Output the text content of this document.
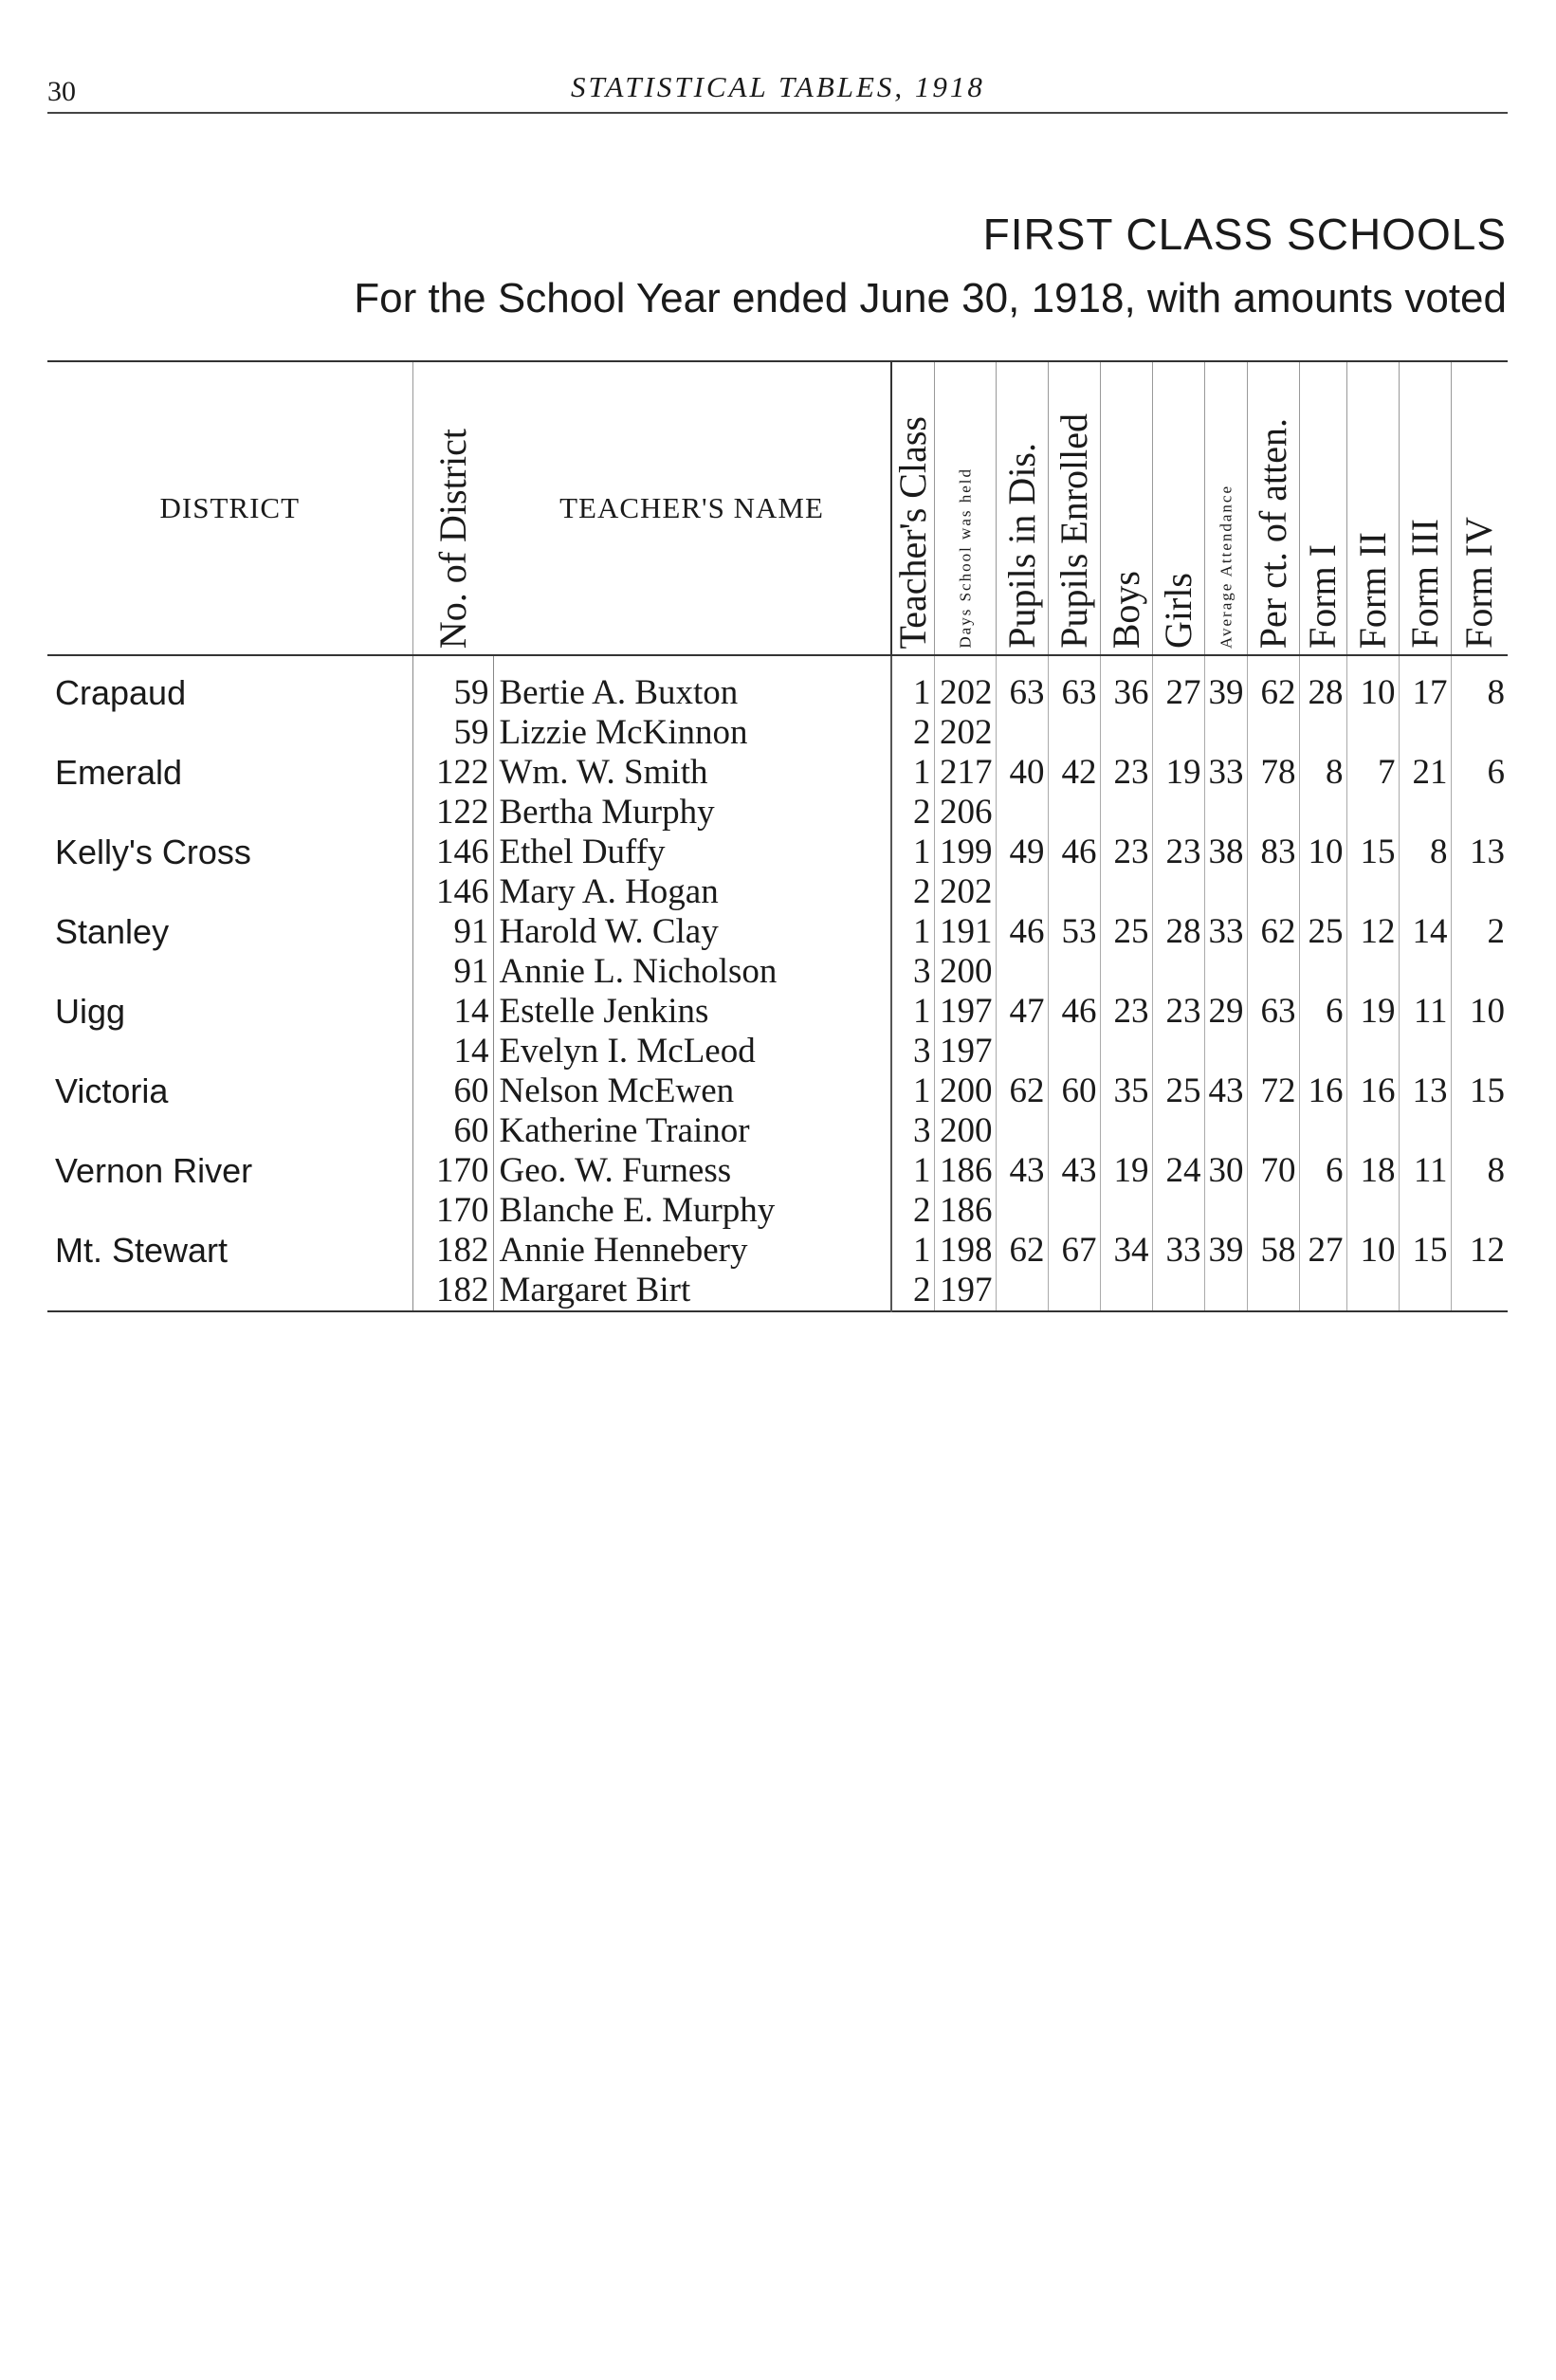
30	STATISTICAL TABLES, 1918
FIRST CLASS SCHOOLS
For the School Year ended June 30, 1918, with amounts voted
DISTRICT	No. of District	TEACHER'S NAME	Teacher's Class	Days School was held	Pupils in Dis.	Pupils Enrolled	Boys	Girls	Average Attendance	Per ct. of atten.	Form I	Form II	Form III	Form IV

Crapaud	59	Bertie A. Buxton	1	202	63	63	36	27	39	62	28	10	17	8
	59	Lizzie McKinnon	2	202										
Emerald	122	Wm. W. Smith	1	217	40	42	23	19	33	78	8	7	21	6
	122	Bertha Murphy	2	206										
Kelly's Cross	146	Ethel Duffy	1	199	49	46	23	23	38	83	10	15	8	13
	146	Mary A. Hogan	2	202										
Stanley	91	Harold W. Clay	1	191	46	53	25	28	33	62	25	12	14	2
	91	Annie L. Nicholson	3	200										
Uigg	14	Estelle Jenkins	1	197	47	46	23	23	29	63	6	19	11	10
	14	Evelyn I. McLeod	3	197										
Victoria	60	Nelson McEwen	1	200	62	60	35	25	43	72	16	16	13	15
	60	Katherine Trainor	3	200										
Vernon River	170	Geo. W. Furness	1	186	43	43	19	24	30	70	6	18	11	8
	170	Blanche E. Murphy	2	186										
Mt. Stewart	182	Annie Hennebery	1	198	62	67	34	33	39	58	27	10	15	12
	182	Margaret Birt	2	197										
